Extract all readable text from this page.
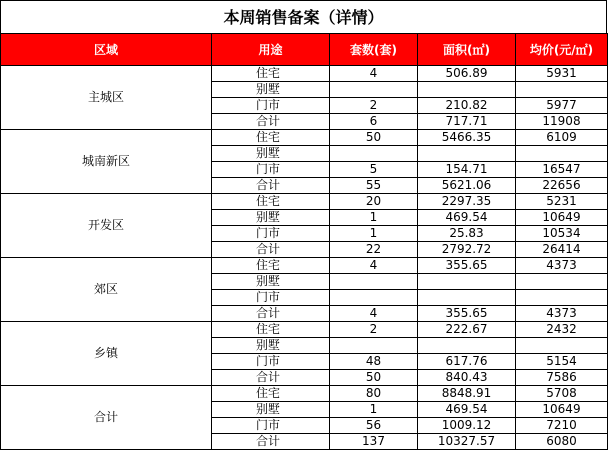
本周销售备案（详情）
区域	用途	套数(套)	面积(㎡)	均价(元/㎡)
主城区	住宅	4	506.89	5931
	别墅			
	门市	2	210.82	5977
	合计	6	717.71	11908
城南新区	住宅	50	5466.35	6109
	别墅			
	门市	5	154.71	16547
	合计	55	5621.06	22656
开发区	住宅	20	2297.35	5231
	别墅	1	469.54	10649
	门市	1	25.83	10534
	合计	22	2792.72	26414
郊区	住宅	4	355.65	4373
	别墅			
	门市			
	合计	4	355.65	4373
乡镇	住宅	2	222.67	2432
	别墅			
	门市	48	617.76	5154
	合计	50	840.43	7586
合计	住宅	80	8848.91	5708
	别墅	1	469.54	10649
	门市	56	1009.12	7210
	合计	137	10327.57	6080
